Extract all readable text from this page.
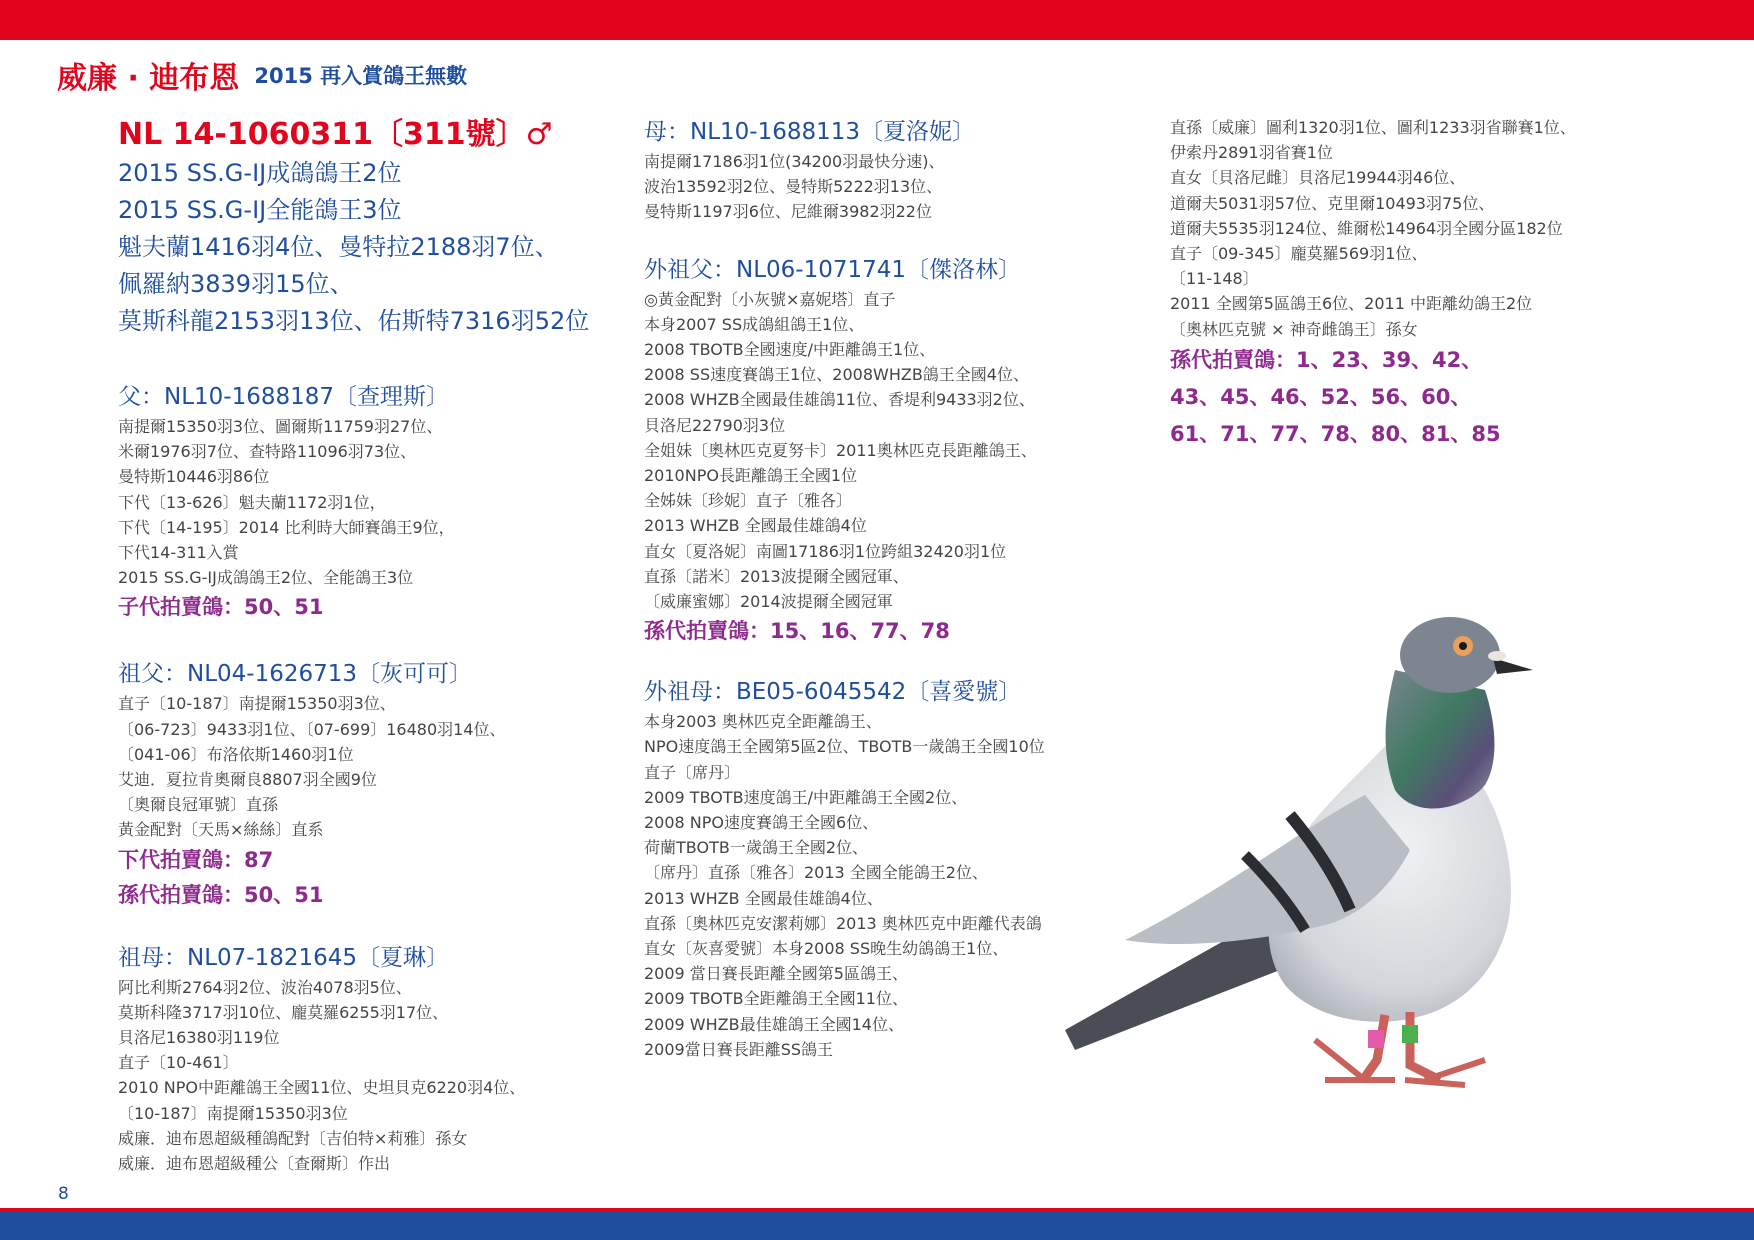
威廉 · 迪布恩 2015 再入賞鴿王無數
NL 14-1060311〔311號〕♂
2015 SS.G-IJ成鴿鴿王2位
2015 SS.G-IJ全能鴿王3位
魁夫蘭1416羽4位、曼特拉2188羽7位、
佩羅納3839羽15位、
莫斯科龍2153羽13位、佑斯特7316羽52位
父：NL10-1688187〔查理斯〕
南提爾15350羽3位、圖爾斯11759羽27位、
米爾1976羽7位、查特路11096羽73位、
曼特斯10446羽86位
下代〔13-626〕魁夫蘭1172羽1位，
下代〔14-195〕2014 比利時大師賽鴿王9位，
下代14-311入賞
2015 SS.G-IJ成鴿鴿王2位、全能鴿王3位
子代拍賣鴿：50、51
祖父：NL04-1626713〔灰可可〕
直子〔10-187〕南提爾15350羽3位、
〔06-723〕9433羽1位、〔07-699〕16480羽14位、
〔041-06〕布洛依斯1460羽1位
艾迪．夏拉肯奧爾良8807羽全國9位
〔奧爾良冠軍號〕直孫
黃金配對〔天馬×絲絲〕直系
下代拍賣鴿：87
孫代拍賣鴿：50、51
祖母：NL07-1821645〔夏琳〕
阿比利斯2764羽2位、波治4078羽5位、
莫斯科隆3717羽10位、龐莫羅6255羽17位、
貝洛尼16380羽119位
直子〔10-461〕
2010 NPO中距離鴿王全國11位、史坦貝克6220羽4位、
〔10-187〕南提爾15350羽3位
威廉．迪布恩超級種鴿配對〔吉伯特×莉雅〕孫女
威廉．迪布恩超級種公〔查爾斯〕作出
母：NL10-1688113〔夏洛妮〕
南提爾17186羽1位(34200羽最快分速)、
波治13592羽2位、曼特斯5222羽13位、
曼特斯1197羽6位、尼維爾3982羽22位
外祖父：NL06-1071741〔傑洛林〕
◎黃金配對〔小灰號×嘉妮塔〕直子
本身2007 SS成鴿組鴿王1位、
2008 TBOTB全國速度/中距離鴿王1位、
2008 SS速度賽鴿王1位、2008WHZB鴿王全國4位、
2008 WHZB全國最佳雄鴿11位、香堤利9433羽2位、
貝洛尼22790羽3位
全姐妹〔奧林匹克夏努卡〕2011奧林匹克長距離鴿王、
2010NPO長距離鴿王全國1位
全姊妹〔珍妮〕直子〔雅各〕
2013 WHZB 全國最佳雄鴿4位
直女〔夏洛妮〕南圖17186羽1位跨組32420羽1位
直孫〔諾米〕2013波提爾全國冠軍、
〔威廉蜜娜〕2014波提爾全國冠軍
孫代拍賣鴿：15、16、77、78
外祖母：BE05-6045542〔喜愛號〕
本身2003 奧林匹克全距離鴿王、
NPO速度鴿王全國第5區2位、TBOTB一歲鴿王全國10位
直子〔席丹〕
2009 TBOTB速度鴿王/中距離鴿王全國2位、
2008 NPO速度賽鴿王全國6位、
荷蘭TBOTB一歲鴿王全國2位、
〔席丹〕直孫〔雅各〕2013 全國全能鴿王2位、
2013 WHZB 全國最佳雄鴿4位、
直孫〔奧林匹克安潔莉娜〕2013 奧林匹克中距離代表鴿
直女〔灰喜愛號〕本身2008 SS晚生幼鴿鴿王1位、
2009 當日賽長距離全國第5區鴿王、
2009 TBOTB全距離鴿王全國11位、
2009 WHZB最佳雄鴿王全國14位、
2009當日賽長距離SS鴿王
直孫〔威廉〕圖利1320羽1位、圖利1233羽省聯賽1位、
伊索丹2891羽省賽1位
直女〔貝洛尼雌〕貝洛尼19944羽46位、
道爾夫5031羽57位、克里爾10493羽75位、
道爾夫5535羽124位、維爾松14964羽全國分區182位
直子〔09-345〕龐莫羅569羽1位、
〔11-148〕
2011 全國第5區鴿王6位、2011 中距離幼鴿王2位
〔奧林匹克號 × 神奇雌鴿王〕孫女
孫代拍賣鴿：1、23、39、42、
43、45、46、52、56、60、
61、71、77、78、80、81、85
8
